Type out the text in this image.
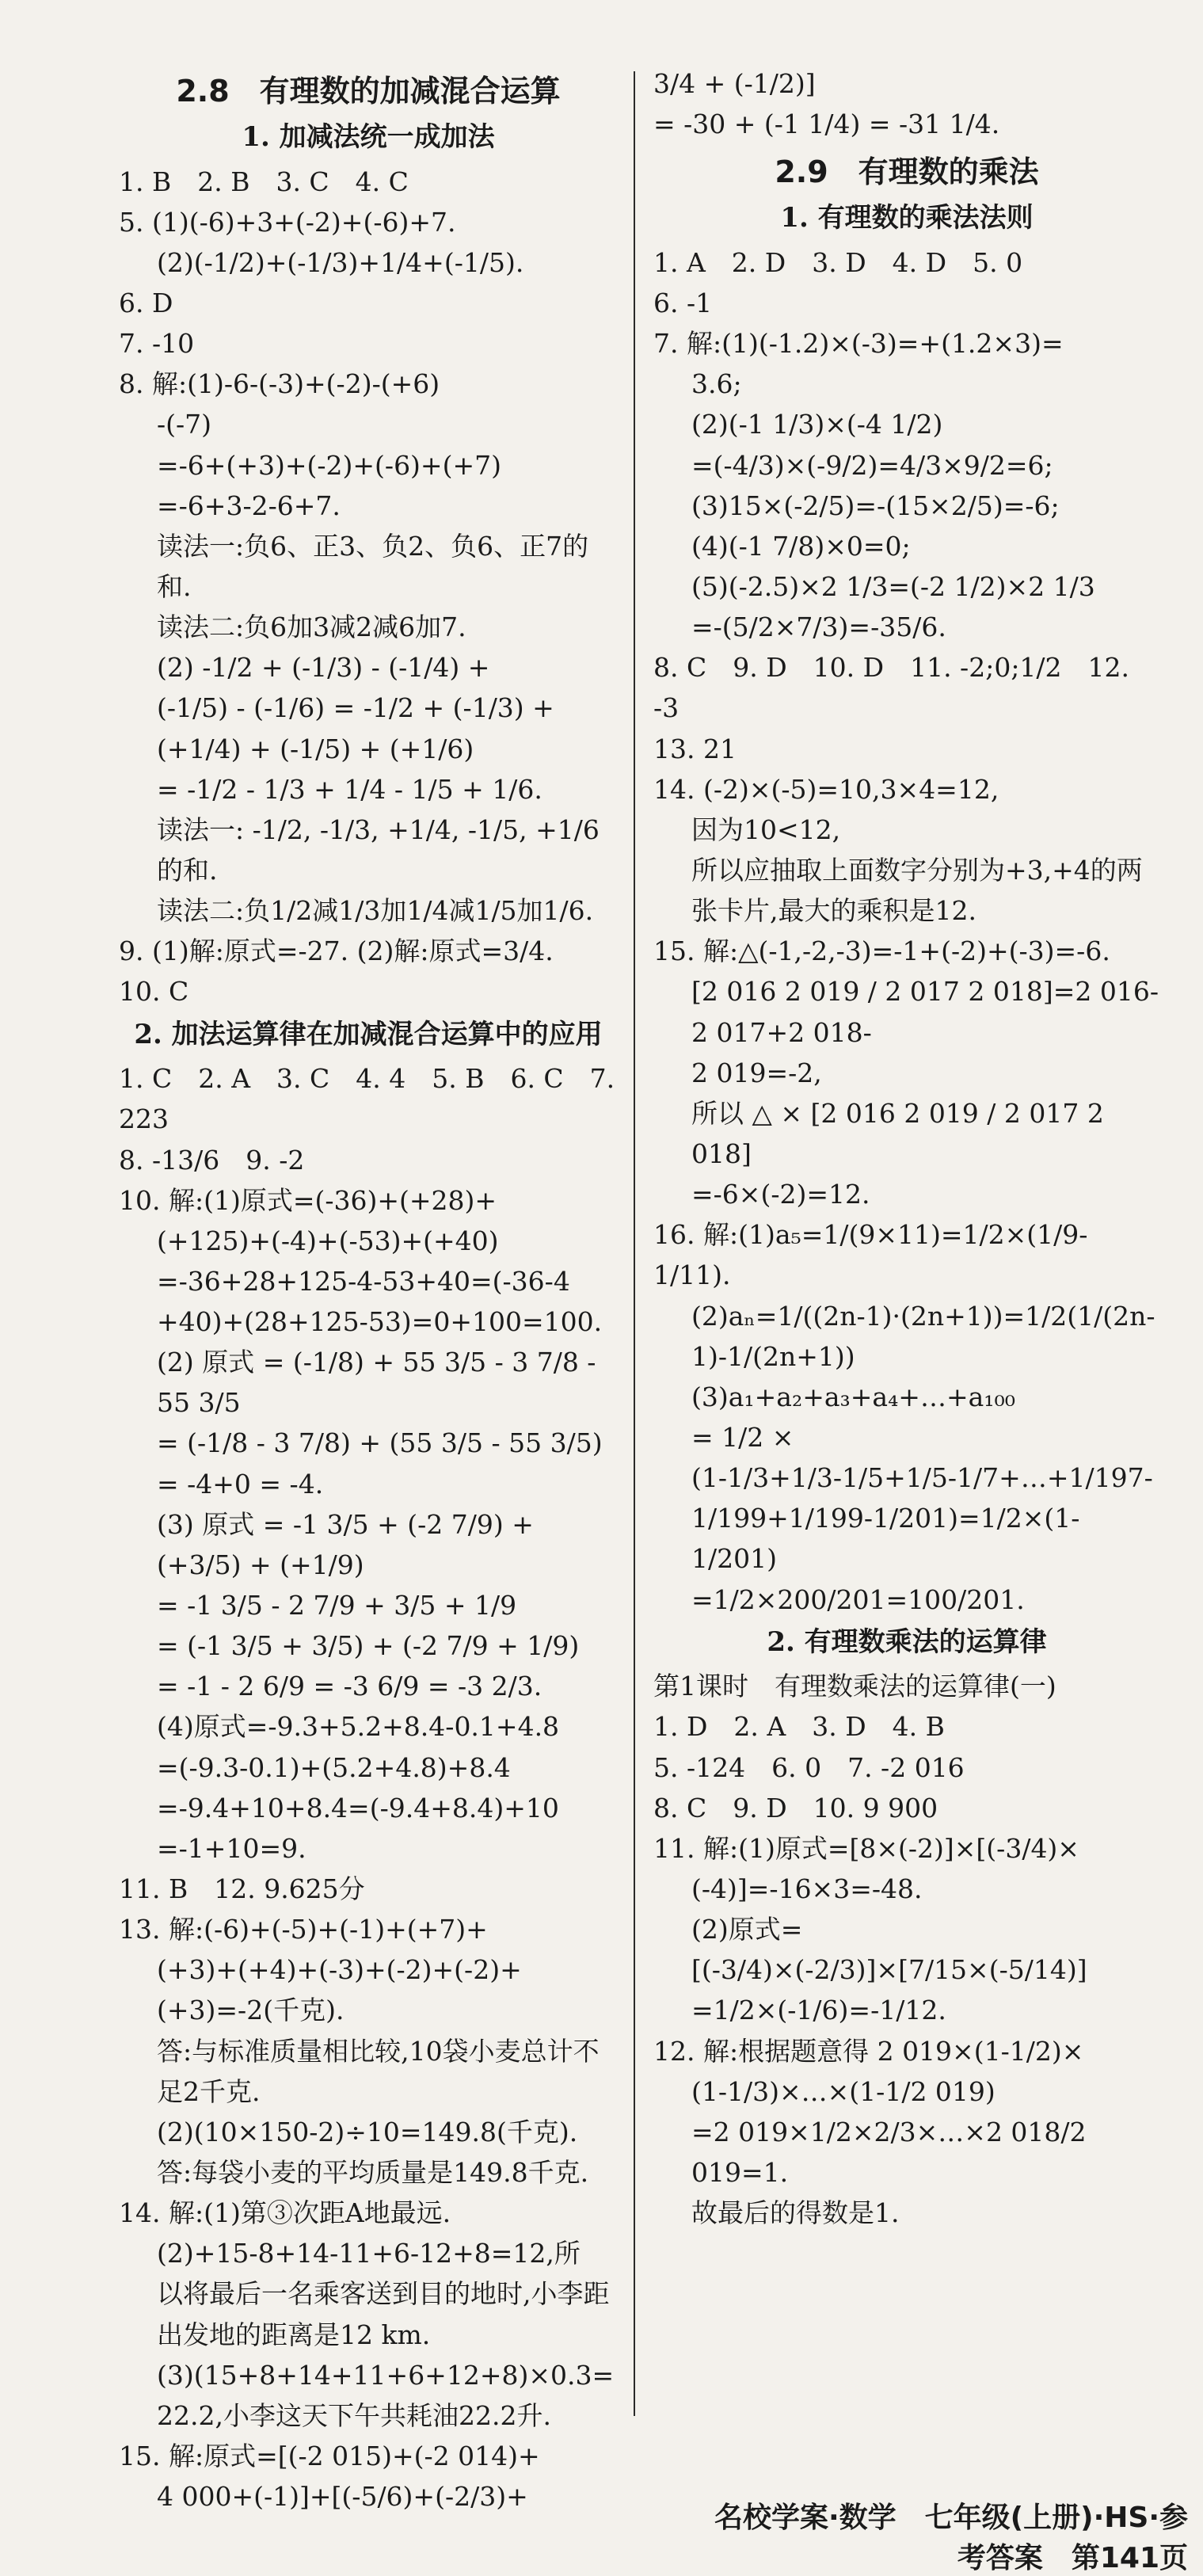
2.8　有理数的加减混合运算
1. 加减法统一成加法
1. B　2. B　3. C　4. C
5. (1)(-6)+3+(-2)+(-6)+7.
(2)(-1/2)+(-1/3)+1/4+(-1/5).
6. D
7. -10
8. 解:(1)-6-(-3)+(-2)-(+6)
-(-7)
=-6+(+3)+(-2)+(-6)+(+7)
=-6+3-2-6+7.
读法一:负6、正3、负2、负6、正7的和.
读法二:负6加3减2减6加7.
(2) -1/2 + (-1/3) - (-1/4) +
(-1/5) - (-1/6) = -1/2 + (-1/3) +
(+1/4) + (-1/5) + (+1/6)
= -1/2 - 1/3 + 1/4 - 1/5 + 1/6.
读法一: -1/2, -1/3, +1/4, -1/5, +1/6
的和.
读法二:负1/2减1/3加1/4减1/5加1/6.
9. (1)解:原式=-27. (2)解:原式=3/4.
10. C
2. 加法运算律在加减混合运算中的应用
1. C　2. A　3. C　4. 4　5. B　6. C　7. 223
8. -13/6　9. -2
10. 解:(1)原式=(-36)+(+28)+
(+125)+(-4)+(-53)+(+40)
=-36+28+125-4-53+40=(-36-4
+40)+(28+125-53)=0+100=100.
(2) 原式 = (-1/8) + 55 3/5 - 3 7/8 -
55 3/5
= (-1/8 - 3 7/8) + (55 3/5 - 55 3/5)
= -4+0 = -4.
(3) 原式 = -1 3/5 + (-2 7/9) +
(+3/5) + (+1/9)
= -1 3/5 - 2 7/9 + 3/5 + 1/9
= (-1 3/5 + 3/5) + (-2 7/9 + 1/9)
= -1 - 2 6/9 = -3 6/9 = -3 2/3.
(4)原式=-9.3+5.2+8.4-0.1+4.8
=(-9.3-0.1)+(5.2+4.8)+8.4
=-9.4+10+8.4=(-9.4+8.4)+10
=-1+10=9.
11. B　12. 9.625分
13. 解:(-6)+(-5)+(-1)+(+7)+
(+3)+(+4)+(-3)+(-2)+(-2)+
(+3)=-2(千克).
答:与标准质量相比较,10袋小麦总计不
足2千克.
(2)(10×150-2)÷10=149.8(千克).
答:每袋小麦的平均质量是149.8千克.
14. 解:(1)第③次距A地最远.
(2)+15-8+14-11+6-12+8=12,所
以将最后一名乘客送到目的地时,小李距
出发地的距离是12 km.
(3)(15+8+14+11+6+12+8)×0.3=
22.2,小李这天下午共耗油22.2升.
15. 解:原式=[(-2 015)+(-2 014)+
4 000+(-1)]+[(-5/6)+(-2/3)+
3/4 + (-1/2)]
= -30 + (-1 1/4) = -31 1/4.
2.9　有理数的乘法
1. 有理数的乘法法则
1. A　2. D　3. D　4. D　5. 0
6. -1
7. 解:(1)(-1.2)×(-3)=+(1.2×3)=
3.6;
(2)(-1 1/3)×(-4 1/2)
=(-4/3)×(-9/2)=4/3×9/2=6;
(3)15×(-2/5)=-(15×2/5)=-6;
(4)(-1 7/8)×0=0;
(5)(-2.5)×2 1/3=(-2 1/2)×2 1/3
=-(5/2×7/3)=-35/6.
8. C　9. D　10. D　11. -2;0;1/2　12. -3
13. 21
14. (-2)×(-5)=10,3×4=12,
因为10<12,
所以应抽取上面数字分别为+3,+4的两
张卡片,最大的乘积是12.
15. 解:△(-1,-2,-3)=-1+(-2)+(-3)=-6.
[2 016 2 019 / 2 017 2 018]=2 016-2 017+2 018-
2 019=-2,
所以 △ × [2 016 2 019 / 2 017 2 018]
=-6×(-2)=12.
16. 解:(1)a₅=1/(9×11)=1/2×(1/9-1/11).
(2)aₙ=1/((2n-1)·(2n+1))=1/2(1/(2n-1)-1/(2n+1))
(3)a₁+a₂+a₃+a₄+…+a₁₀₀
= 1/2 ×
(1-1/3+1/3-1/5+1/5-1/7+…+1/197-
1/199+1/199-1/201)=1/2×(1-1/201)
=1/2×200/201=100/201.
2. 有理数乘法的运算律
第1课时　有理数乘法的运算律(一)
1. D　2. A　3. D　4. B
5. -124　6. 0　7. -2 016
8. C　9. D　10. 9 900
11. 解:(1)原式=[8×(-2)]×[(-3/4)×
(-4)]=-16×3=-48.
(2)原式=
[(-3/4)×(-2/3)]×[7/15×(-5/14)]
=1/2×(-1/6)=-1/12.
12. 解:根据题意得 2 019×(1-1/2)×
(1-1/3)×…×(1-1/2 019)
=2 019×1/2×2/3×…×2 018/2 019=1.
故最后的得数是1.
名校学案·数学　七年级(上册)·HS·参考答案　第141页
